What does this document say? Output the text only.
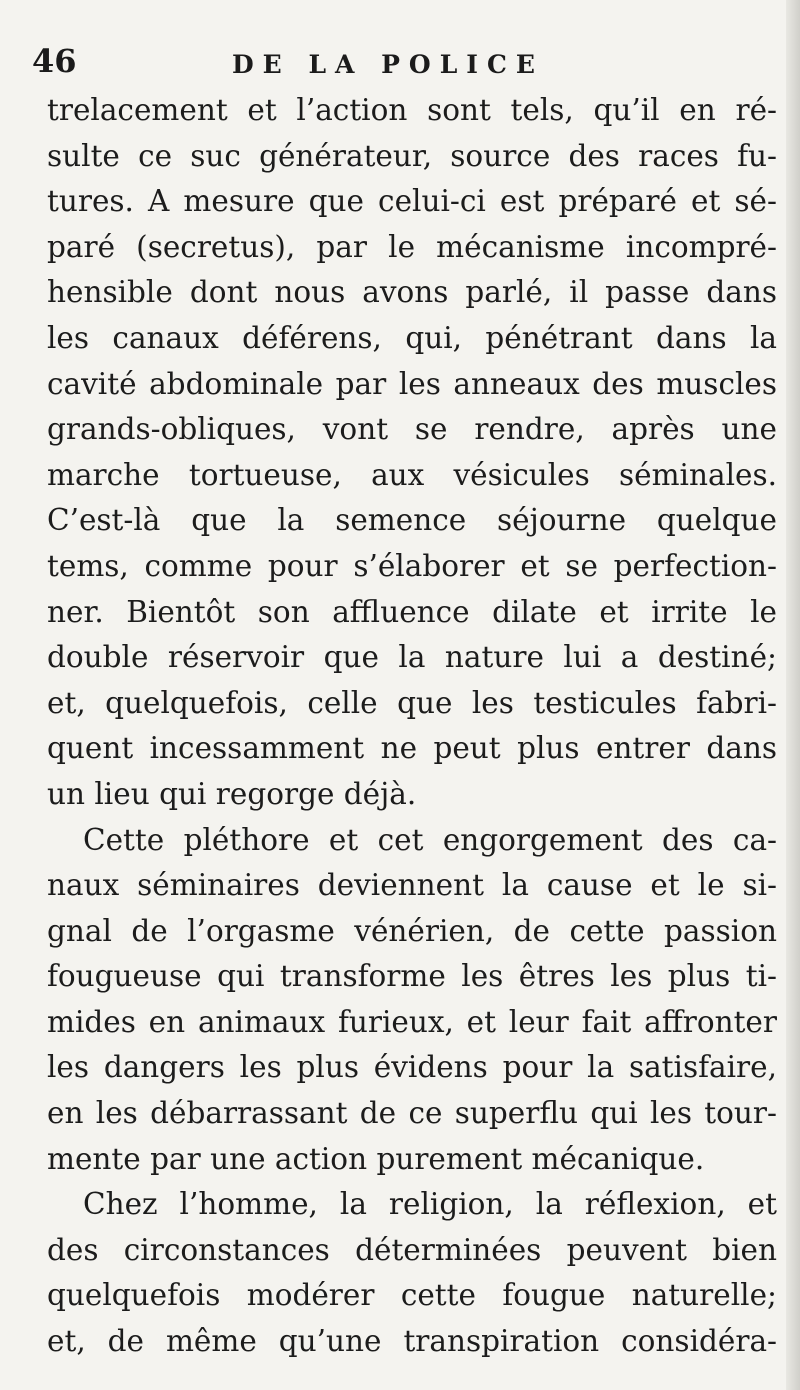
46	DE LA POLICE
trelacement et l’action sont tels, qu’il en ré-
sulte ce suc générateur, source des races fu-
tures. A mesure que celui-ci est préparé et sé-
paré (secretus), par le mécanisme incompré-
hensible dont nous avons parlé, il passe dans
les canaux déférens, qui, pénétrant dans la
cavité abdominale par les anneaux des muscles
grands-obliques, vont se rendre, après une
marche tortueuse, aux vésicules séminales.
C’est-là que la semence séjourne quelque
tems, comme pour s’élaborer et se perfection-
ner. Bientôt son affluence dilate et irrite le
double réservoir que la nature lui a destiné;
et, quelquefois, celle que les testicules fabri-
quent incessamment ne peut plus entrer dans
un lieu qui regorge déjà.
Cette pléthore et cet engorgement des ca-
naux séminaires deviennent la cause et le si-
gnal de l’orgasme vénérien, de cette passion
fougueuse qui transforme les êtres les plus ti-
mides en animaux furieux, et leur fait affronter
les dangers les plus évidens pour la satisfaire,
en les débarrassant de ce superflu qui les tour-
mente par une action purement mécanique.
Chez l’homme, la religion, la réflexion, et
des circonstances déterminées peuvent bien
quelquefois modérer cette fougue naturelle;
et, de même qu’une transpiration considéra-
